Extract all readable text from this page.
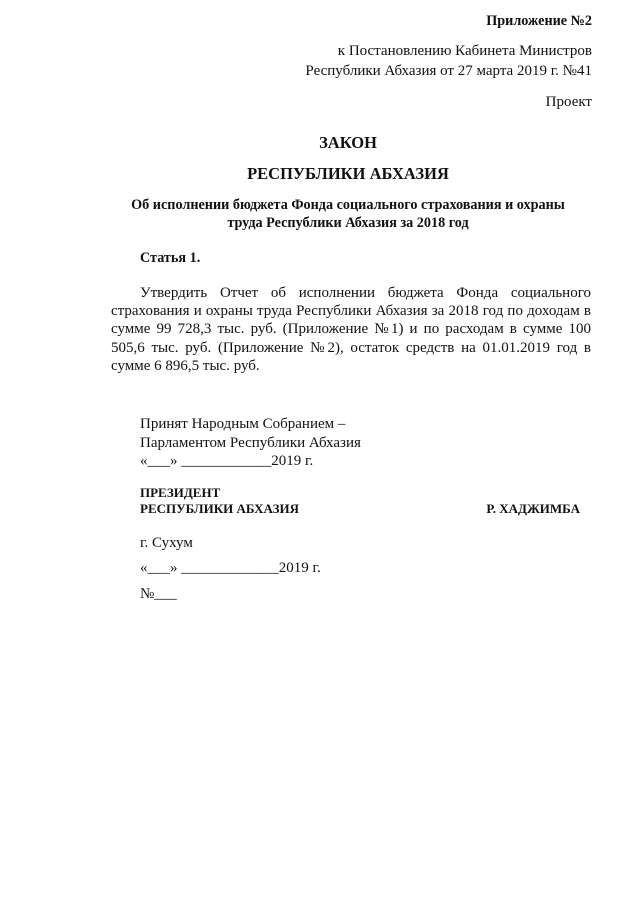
Приложение №2
к Постановлению Кабинета Министров
Республики Абхазия от 27 марта 2019 г. №41
Проект
ЗАКОН
РЕСПУБЛИКИ АБХАЗИЯ
Об исполнении бюджета Фонда социального страхования и охраны
труда Республики Абхазия за 2018 год
Статья 1.
Утвердить Отчет об исполнении бюджета Фонда социального страхования и охраны труда Республики Абхазия за 2018 год по доходам в сумме 99 728,3 тыс. руб. (Приложение №1) и по расходам в сумме 100 505,6 тыс. руб. (Приложение №2), остаток средств на 01.01.2019 год в сумме 6 896,5 тыс. руб.
Принят Народным Собранием –
Парламентом Республики Абхазия
«___» ____________2019 г.
ПРЕЗИДЕНТ
РЕСПУБЛИКИ АБХАЗИЯ	Р. ХАДЖИМБА
г. Сухум
«___» _____________2019 г.
№___
